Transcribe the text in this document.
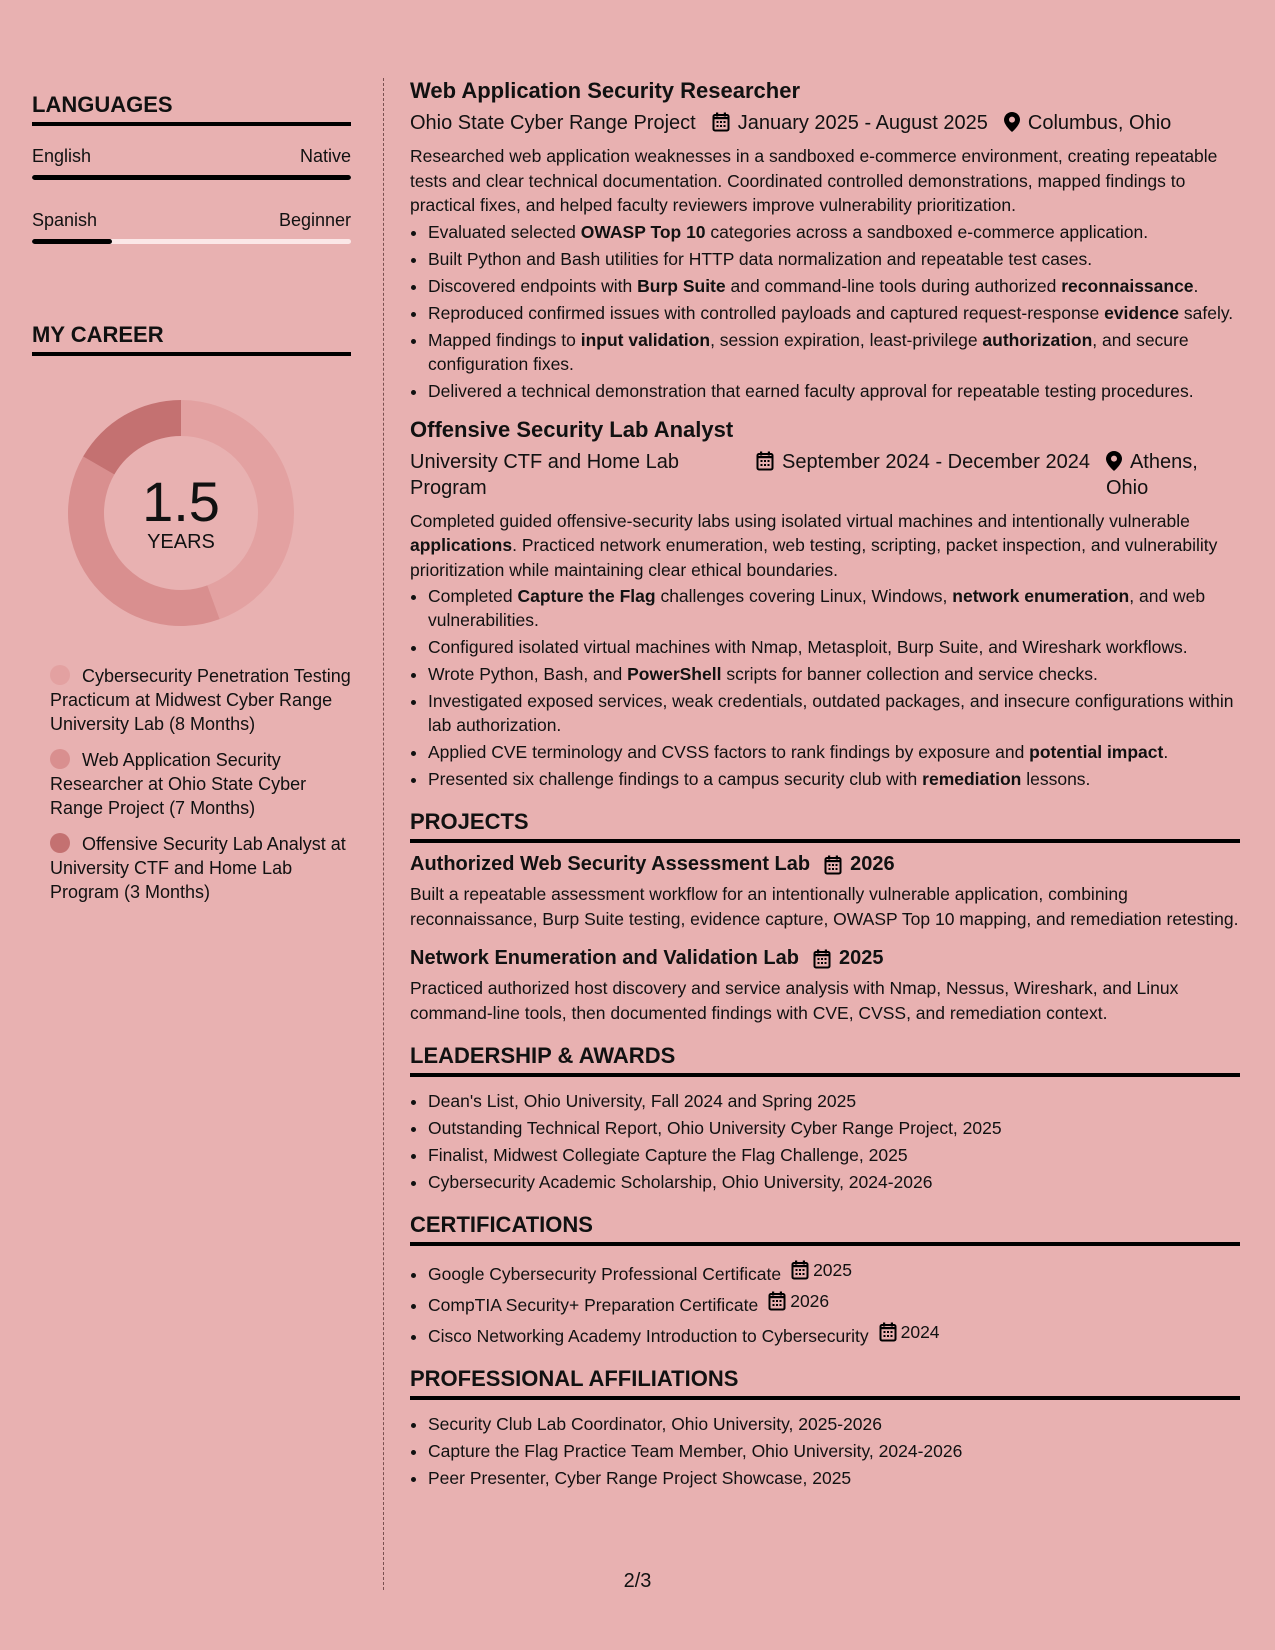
LANGUAGES
English	Native
Spanish	Beginner
MY CAREER
1.5
YEARS
Cybersecurity Penetration Testing Practicum at Midwest Cyber Range University Lab (8 Months)
Web Application Security Researcher at Ohio State Cyber Range Project (7 Months)
Offensive Security Lab Analyst at University CTF and Home Lab Program (3 Months)
Web Application Security Researcher
Ohio State Cyber Range Project	January 2025 - August 2025	Columbus, Ohio

Researched web application weaknesses in a sandboxed e-commerce environment, creating repeatable tests and clear technical documentation. Coordinated controlled demonstrations, mapped findings to practical fixes, and helped faculty reviewers improve vulnerability prioritization.

• Evaluated selected OWASP Top 10 categories across a sandboxed e-commerce application.
• Built Python and Bash utilities for HTTP data normalization and repeatable test cases.
• Discovered endpoints with Burp Suite and command-line tools during authorized reconnaissance.
• Reproduced confirmed issues with controlled payloads and captured request-response evidence safely.
• Mapped findings to input validation, session expiration, least-privilege authorization, and secure configuration fixes.
• Delivered a technical demonstration that earned faculty approval for repeatable testing procedures.
Offensive Security Lab Analyst
University CTF and Home Lab Program
September 2024 - December 2024	Athens, Ohio

Completed guided offensive-security labs using isolated virtual machines and intentionally vulnerable applications. Practiced network enumeration, web testing, scripting, packet inspection, and vulnerability prioritization while maintaining clear ethical boundaries.

• Completed Capture the Flag challenges covering Linux, Windows, network enumeration, and web vulnerabilities.
• Configured isolated virtual machines with Nmap, Metasploit, Burp Suite, and Wireshark workflows.
• Wrote Python, Bash, and PowerShell scripts for banner collection and service checks.
• Investigated exposed services, weak credentials, outdated packages, and insecure configurations within lab authorization.
• Applied CVE terminology and CVSS factors to rank findings by exposure and potential impact.
• Presented six challenge findings to a campus security club with remediation lessons.
PROJECTS
Authorized Web Security Assessment Lab 2026

Built a repeatable assessment workflow for an intentionally vulnerable application, combining reconnaissance, Burp Suite testing, evidence capture, OWASP Top 10 mapping, and remediation retesting.

Network Enumeration and Validation Lab 2025

Practiced authorized host discovery and service analysis with Nmap, Nessus, Wireshark, and Linux command-line tools, then documented findings with CVE, CVSS, and remediation context.

LEADERSHIP & AWARDS
• Dean's List, Ohio University, Fall 2024 and Spring 2025
• Outstanding Technical Report, Ohio University Cyber Range Project, 2025
• Finalist, Midwest Collegiate Capture the Flag Challenge, 2025
• Cybersecurity Academic Scholarship, Ohio University, 2024-2026
CERTIFICATIONS
• Google Cybersecurity Professional Certificate 2025
• CompTIA Security+ Preparation Certificate 2026
• Cisco Networking Academy Introduction to Cybersecurity 2024
PROFESSIONAL AFFILIATIONS
• Security Club Lab Coordinator, Ohio University, 2025-2026
• Capture the Flag Practice Team Member, Ohio University, 2024-2026
• Peer Presenter, Cyber Range Project Showcase, 2025
2/3
